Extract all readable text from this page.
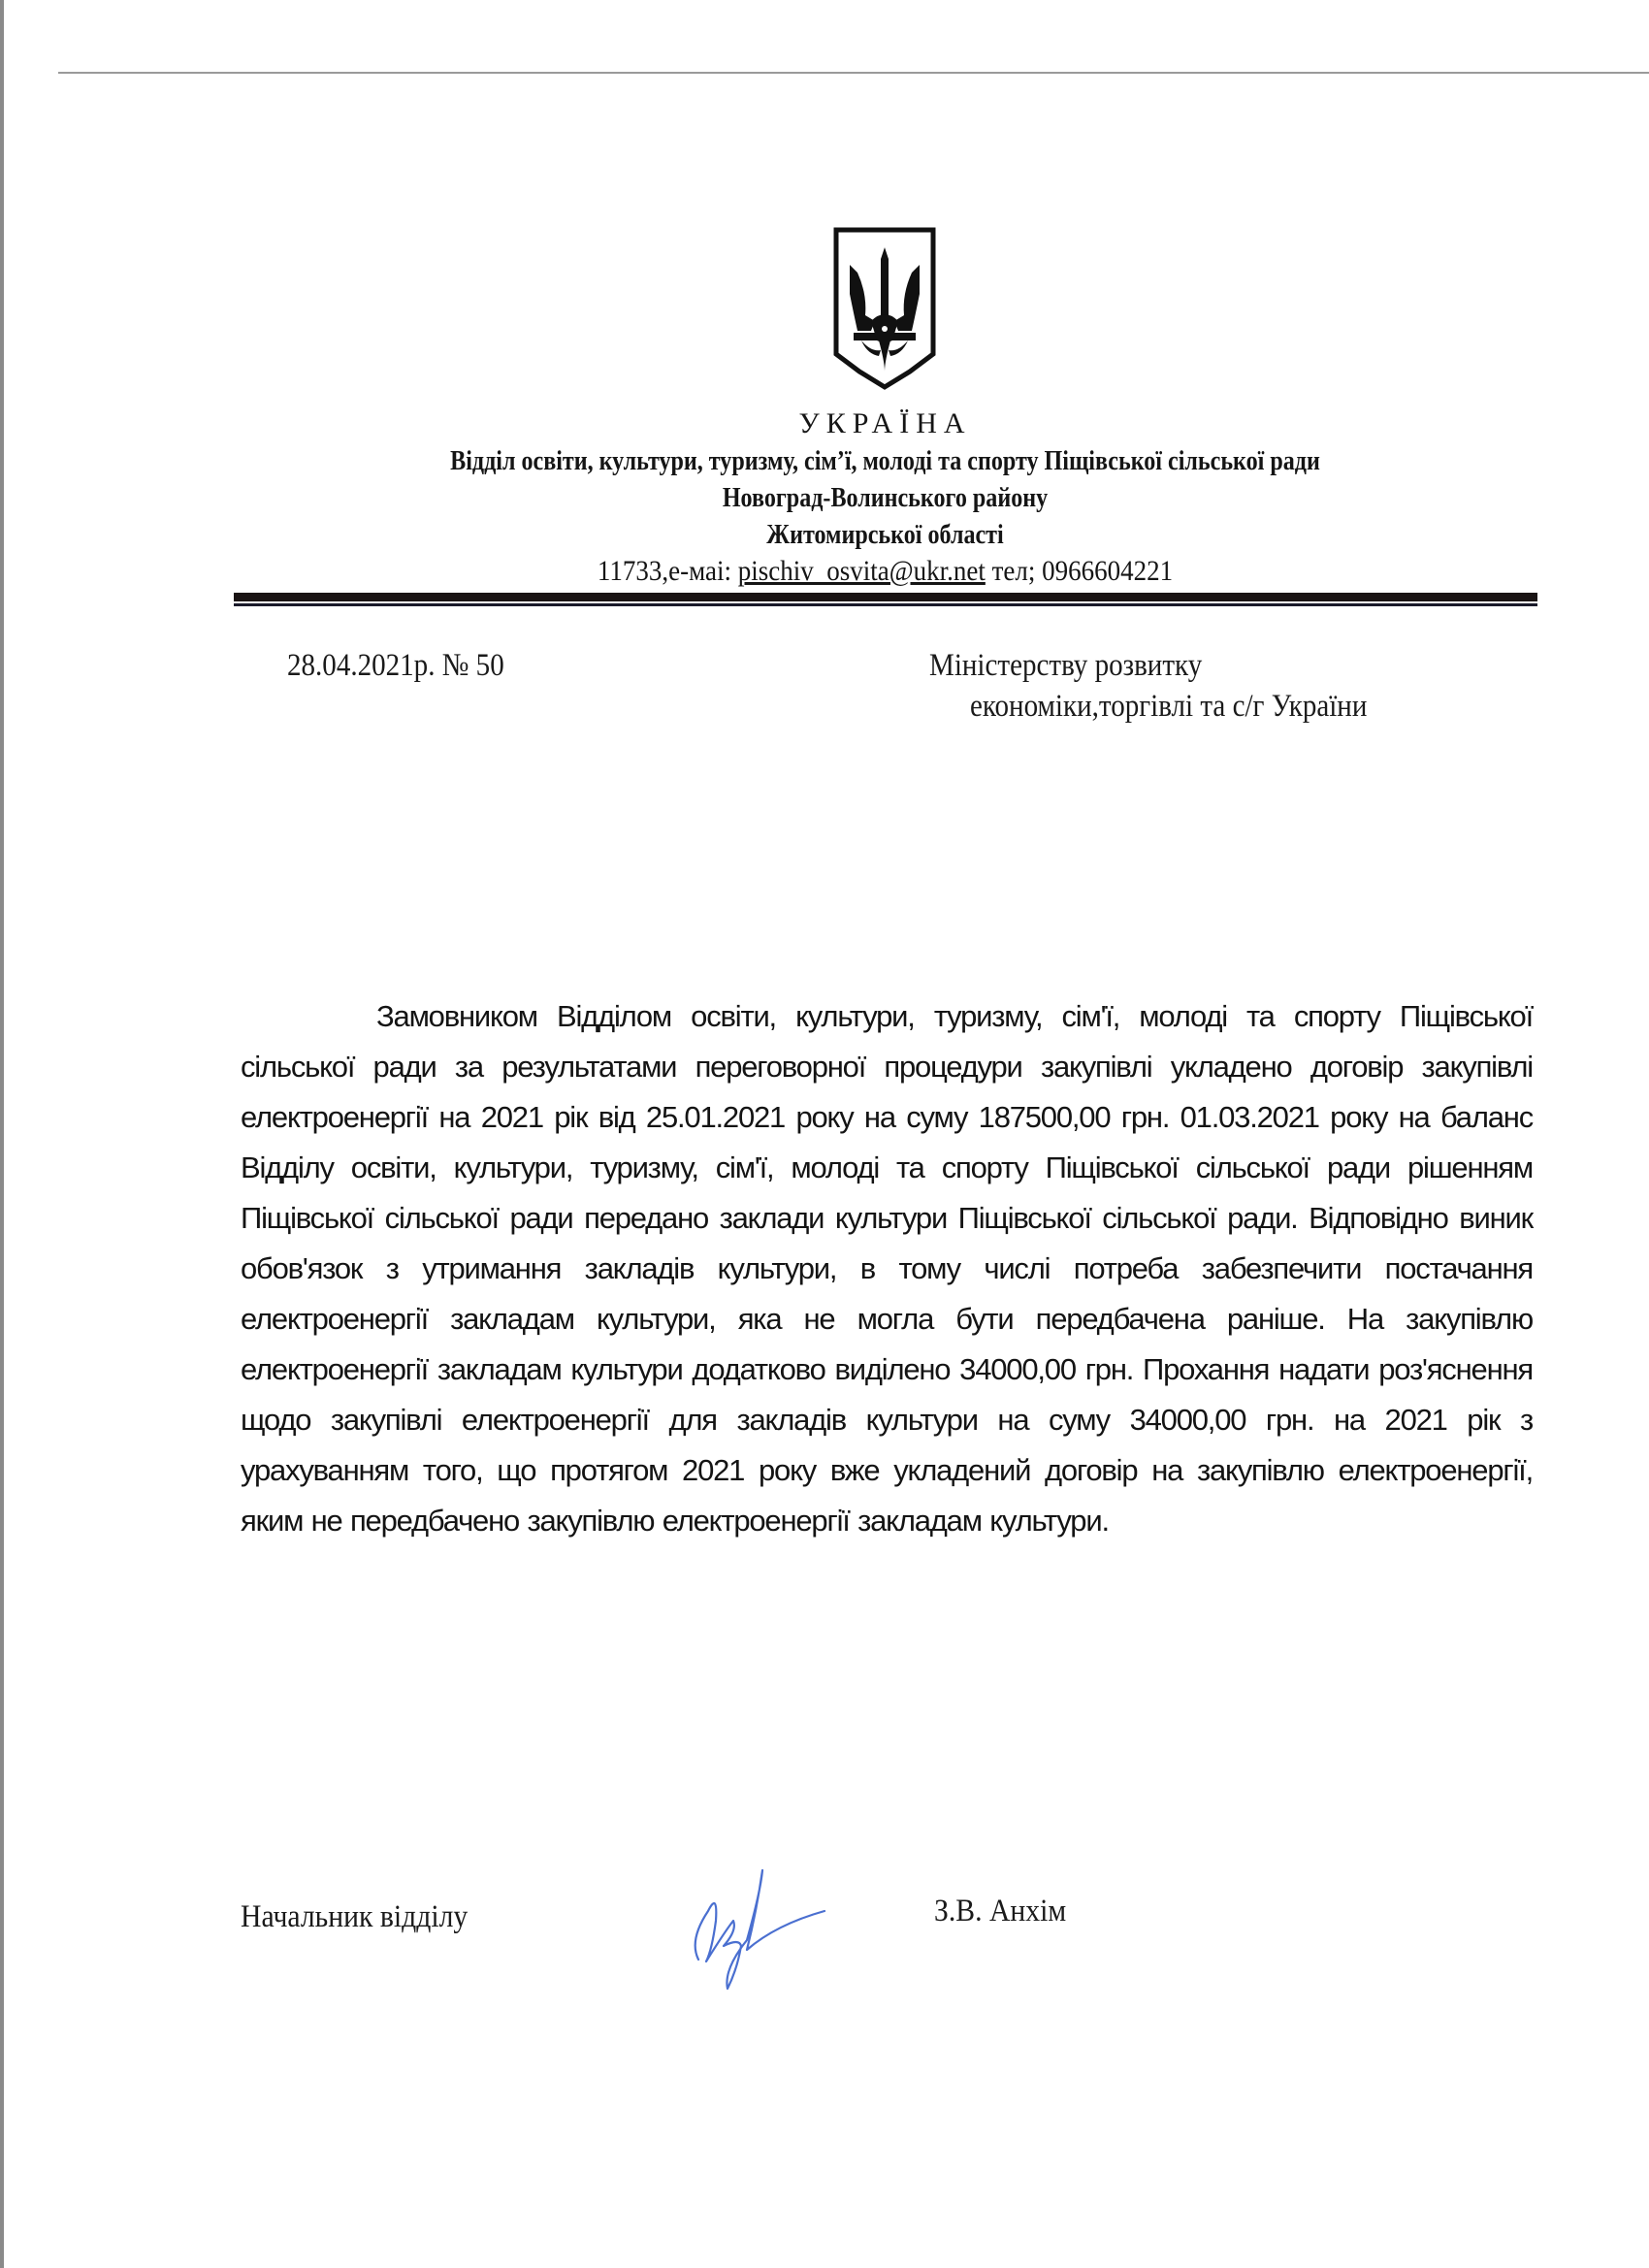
УКРАЇНА
Відділ освіти, культури, туризму, сім’ї, молоді та спорту Піщівської сільської ради
Новоград-Волинського району
Житомирської області
11733,е-маі: pischiv_osvita@ukr.net тел; 0966604221
28.04.2021р. № 50	Міністерству розвитку
економіки,торгівлі та с/г України

Замовником Відділом освіти, культури, туризму, сім'ї, молоді та спорту Піщівської сільської ради за результатами переговорної процедури закупівлі укладено договір закупівлі електроенергії на 2021 рік від 25.01.2021 року на суму 187500,00 грн. 01.03.2021 року на баланс Відділу освіти, культури, туризму, сім'ї, молоді та спорту Піщівської сільської ради рішенням Піщівської сільської ради передано заклади культури Піщівської сільської ради. Відповідно виник обов'язок з утримання закладів культури, в тому числі потреба забезпечити постачання електроенергії закладам культури, яка не могла бути передбачена раніше. На закупівлю електроенергії закладам культури додатково виділено 34000,00 грн. Прохання надати роз'яснення щодо закупівлі електроенергії для закладів культури на суму 34000,00 грн. на 2021 рік з урахуванням того, що протягом 2021 року вже укладений договір на закупівлю електроенергії, яким не передбачено закупівлю електроенергії закладам культури.

Начальник відділу	З.В. Анхім
